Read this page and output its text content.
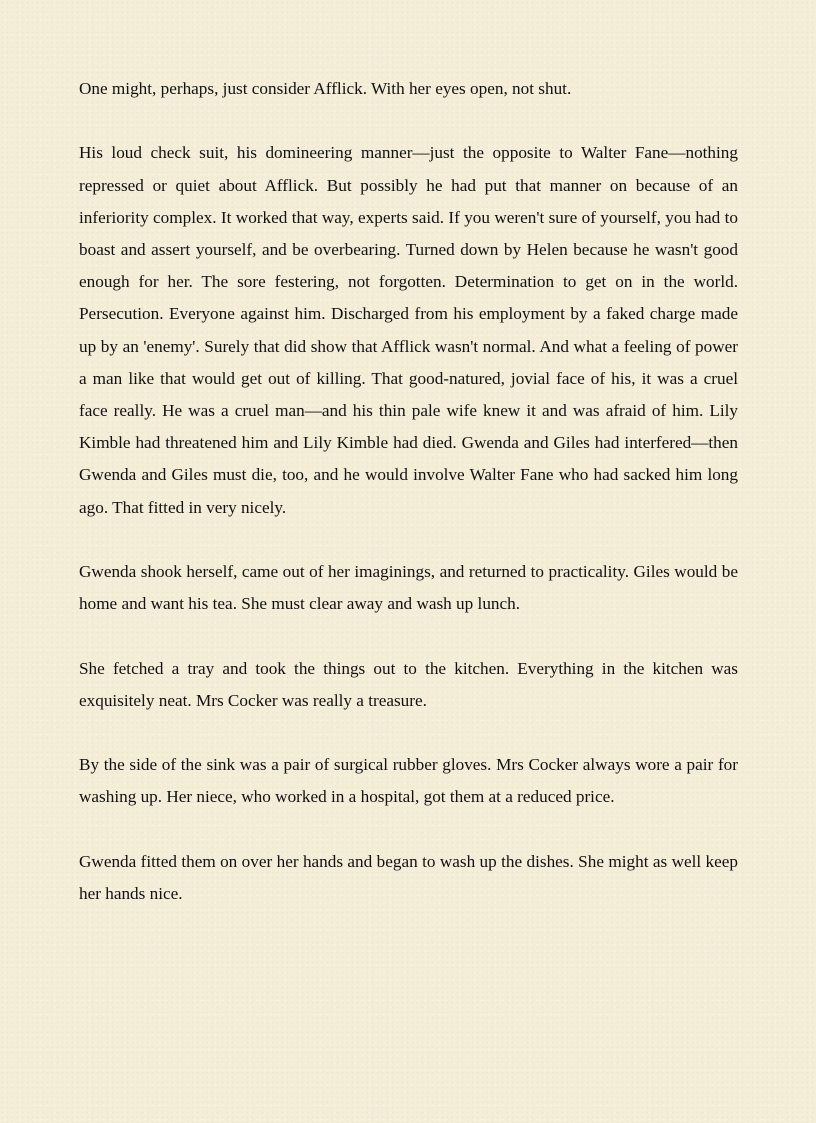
One might, perhaps, just consider Afflick. With her eyes open, not shut.

His loud check suit, his domineering manner—just the opposite to Walter Fane—nothing repressed or quiet about Afflick. But possibly he had put that manner on because of an inferiority complex. It worked that way, experts said. If you weren't sure of yourself, you had to boast and assert yourself, and be overbearing. Turned down by Helen because he wasn't good enough for her. The sore festering, not forgotten. Determination to get on in the world. Persecution. Everyone against him. Discharged from his employment by a faked charge made up by an 'enemy'. Surely that did show that Afflick wasn't normal. And what a feeling of power a man like that would get out of killing. That good-natured, jovial face of his, it was a cruel face really. He was a cruel man—and his thin pale wife knew it and was afraid of him. Lily Kimble had threatened him and Lily Kimble had died. Gwenda and Giles had interfered—then Gwenda and Giles must die, too, and he would involve Walter Fane who had sacked him long ago. That fitted in very nicely.

Gwenda shook herself, came out of her imaginings, and returned to practicality. Giles would be home and want his tea. She must clear away and wash up lunch.

She fetched a tray and took the things out to the kitchen. Everything in the kitchen was exquisitely neat. Mrs Cocker was really a treasure.

By the side of the sink was a pair of surgical rubber gloves. Mrs Cocker always wore a pair for washing up. Her niece, who worked in a hospital, got them at a reduced price.

Gwenda fitted them on over her hands and began to wash up the dishes. She might as well keep her hands nice.
